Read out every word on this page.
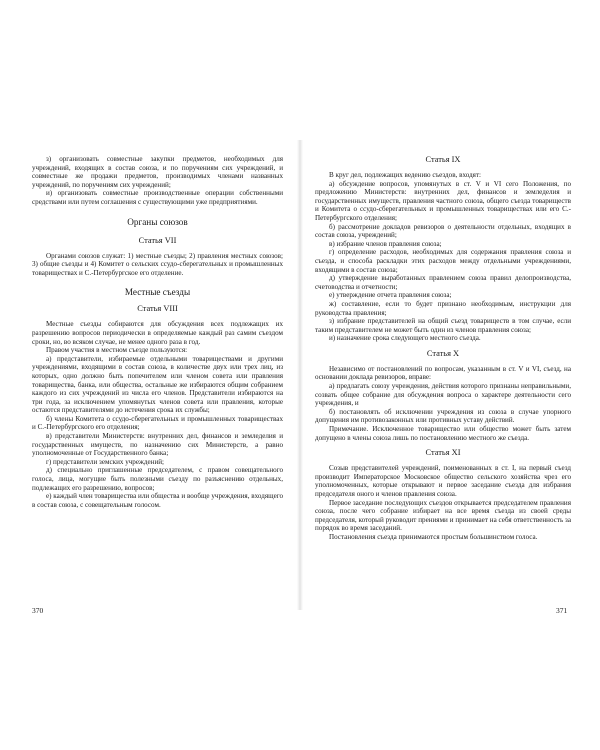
з) организовать совместные закупки предметов, необходимых для учреждений, входящих в состав союза, и по поручениям сих учреждений, и совместные же продажи предметов, производимых членами названных учреждений, по поручениям сих учреждений;

и) организовать совместные производственные операции собственными средствами или путем соглашения с существующими уже предприятиями.

Органы союзов
Статья VII

Органами союзов служат: 1) местные съезды; 2) правления местных союзов; 3) общие съезды и 4) Комитет о сельских ссудо-сберегательных и промышленных товариществах и С.-Петербургское его отделение.

Местные съезды
Статья VIII

Местные съезды собираются для обсуждения всех подлежащих их разрешению вопросов периодически в определяемые каждый раз самим съездом сроки, но, во всяком случае, не менее одного раза в год.

Правом участия в местном съезде пользуются:

а) представители, избираемые отдельными товариществами и другими учреждениями, входящими в состав союза, в количестве двух или трех лиц, из которых, одно должно быть попечителем или членом совета или правления товарищества, банка, или общества, остальные же избираются общим собранием каждого из сих учреждений из числа его членов. Представители избираются на три года, за исключением упомянутых членов совета или правления, которые остаются представителями до истечения срока их службы;

б) члены Комитета о ссудо-сберегательных и промышленных товариществах и С.-Петербургского его отделения;

в) представители Министерств: внутренних дел, финансов и земледелия и государственных имуществ, по назначению сих Министерств, а равно уполномоченные от Государственного банка;

г) представители земских учреждений;

д) специально приглашенные председателем, с правом совещательного голоса, лица, могущие быть полезными съезду по разъяснению отдельных, подлежащих его разрешению, вопросов;

е) каждый член товарищества или общества и вообще учреждения, входящего в состав союза, с совещательным голосом.

370
Статья IX

В круг дел, подлежащих ведению съездов, входят:

а) обсуждение вопросов, упомянутых в ст. V и VI сего Положения, по предложению Министерств: внутренних дел, финансов и земледелия и государственных имуществ, правления частного союза, общего съезда товариществ и Комитета о ссудо-сберегательных и промышленных товариществах или его С.-Петербургского отделения;

б) рассмотрение докладов ревизоров о деятельности отдельных, входящих в состав союза, учреждений;

в) избрание членов правления союза;

г) определение расходов, необходимых для содержания правления союза и съезда, и способа раскладки этих расходов между отдельными учреждениями, входящими в состав союза;

д) утверждение выработанных правлением союза правил делопроизводства, счетоводства и отчетности;

е) утверждение отчета правления союза;

ж) составление, если то будет признано необходимым, инструкции для руководства правления;

з) избрание представителей на общий съезд товариществ в том случае, если таким представителем не может быть один из членов правления союза;

и) назначение срока следующего местного съезда.

Статья X

Независимо от постановлений по вопросам, указанным в ст. V и VI, съезд, на основании доклада ревизоров, вправе:

а) предлагать союзу учреждения, действия которого признаны неправильными, созвать общее собрание для обсуждения вопроса о характере деятельности сего учреждения, и

б) постановлять об исключении учреждения из союза в случае упорного допущения им противозаконных или противных уставу действий.

Примечание. Исключенное товарищество или общество может быть затем допущено в члены союза лишь по постановлению местного же съезда.

Статья XI

Созыв представителей учреждений, поименованных в ст. I, на первый съезд производит Императорское Московское общество сельского хозяйства чрез его уполномоченных, которые открывают и первое заседание съезда для избрания председателя оного и членов правления союза.

Первое заседание последующих съездов открывается председателем правления союза, после чего собрание избирает на все время съезда из своей среды председателя, который руководит прениями и принимает на себя ответственность за порядок во время заседаний.

Постановления съезда принимаются простым большинством голоса.

371
